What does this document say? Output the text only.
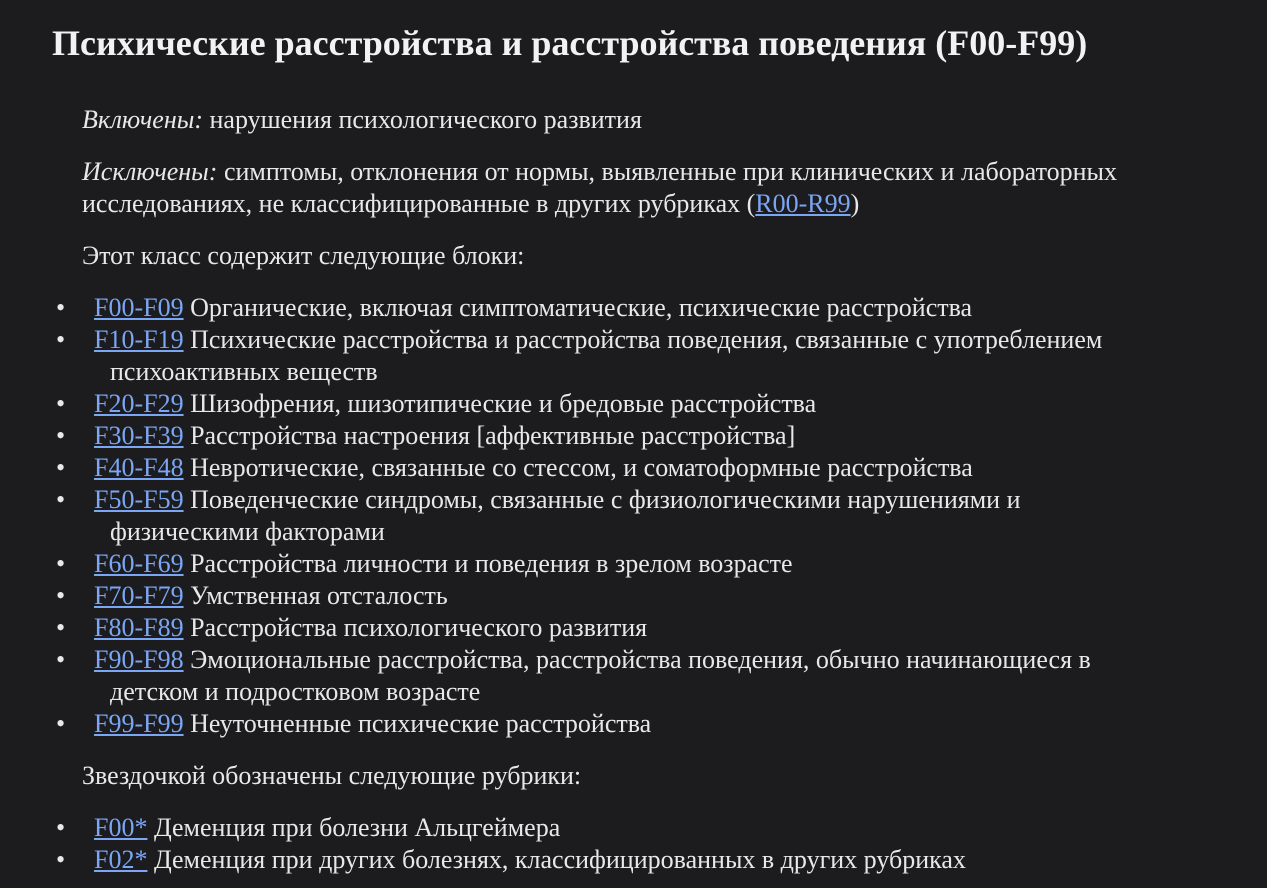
Психические расстройства и расстройства поведения (F00-F99)

Включены: нарушения психологического развития

Исключены: симптомы, отклонения от нормы, выявленные при клинических и лабораторных исследованиях, не классифицированные в других рубриках (R00-R99)

Этот класс содержит следующие блоки:

• F00-F09 Органические, включая симптоматические, психические расстройства
• F10-F19 Психические расстройства и расстройства поведения, связанные с употреблением психоактивных веществ
• F20-F29 Шизофрения, шизотипические и бредовые расстройства
• F30-F39 Расстройства настроения [аффективные расстройства]
• F40-F48 Невротические, связанные со стессом, и соматоформные расстройства
• F50-F59 Поведенческие синдромы, связанные с физиологическими нарушениями и физическими факторами
• F60-F69 Расстройства личности и поведения в зрелом возрасте
• F70-F79 Умственная отсталость
• F80-F89 Расстройства психологического развития
• F90-F98 Эмоциональные расстройства, расстройства поведения, обычно начинающиеся в детском и подростковом возрасте
• F99-F99 Неуточненные психические расстройства

Звездочкой обозначены следующие рубрики:

• F00* Деменция при болезни Альцгеймера
• F02* Деменция при других болезнях, классифицированных в других рубриках
